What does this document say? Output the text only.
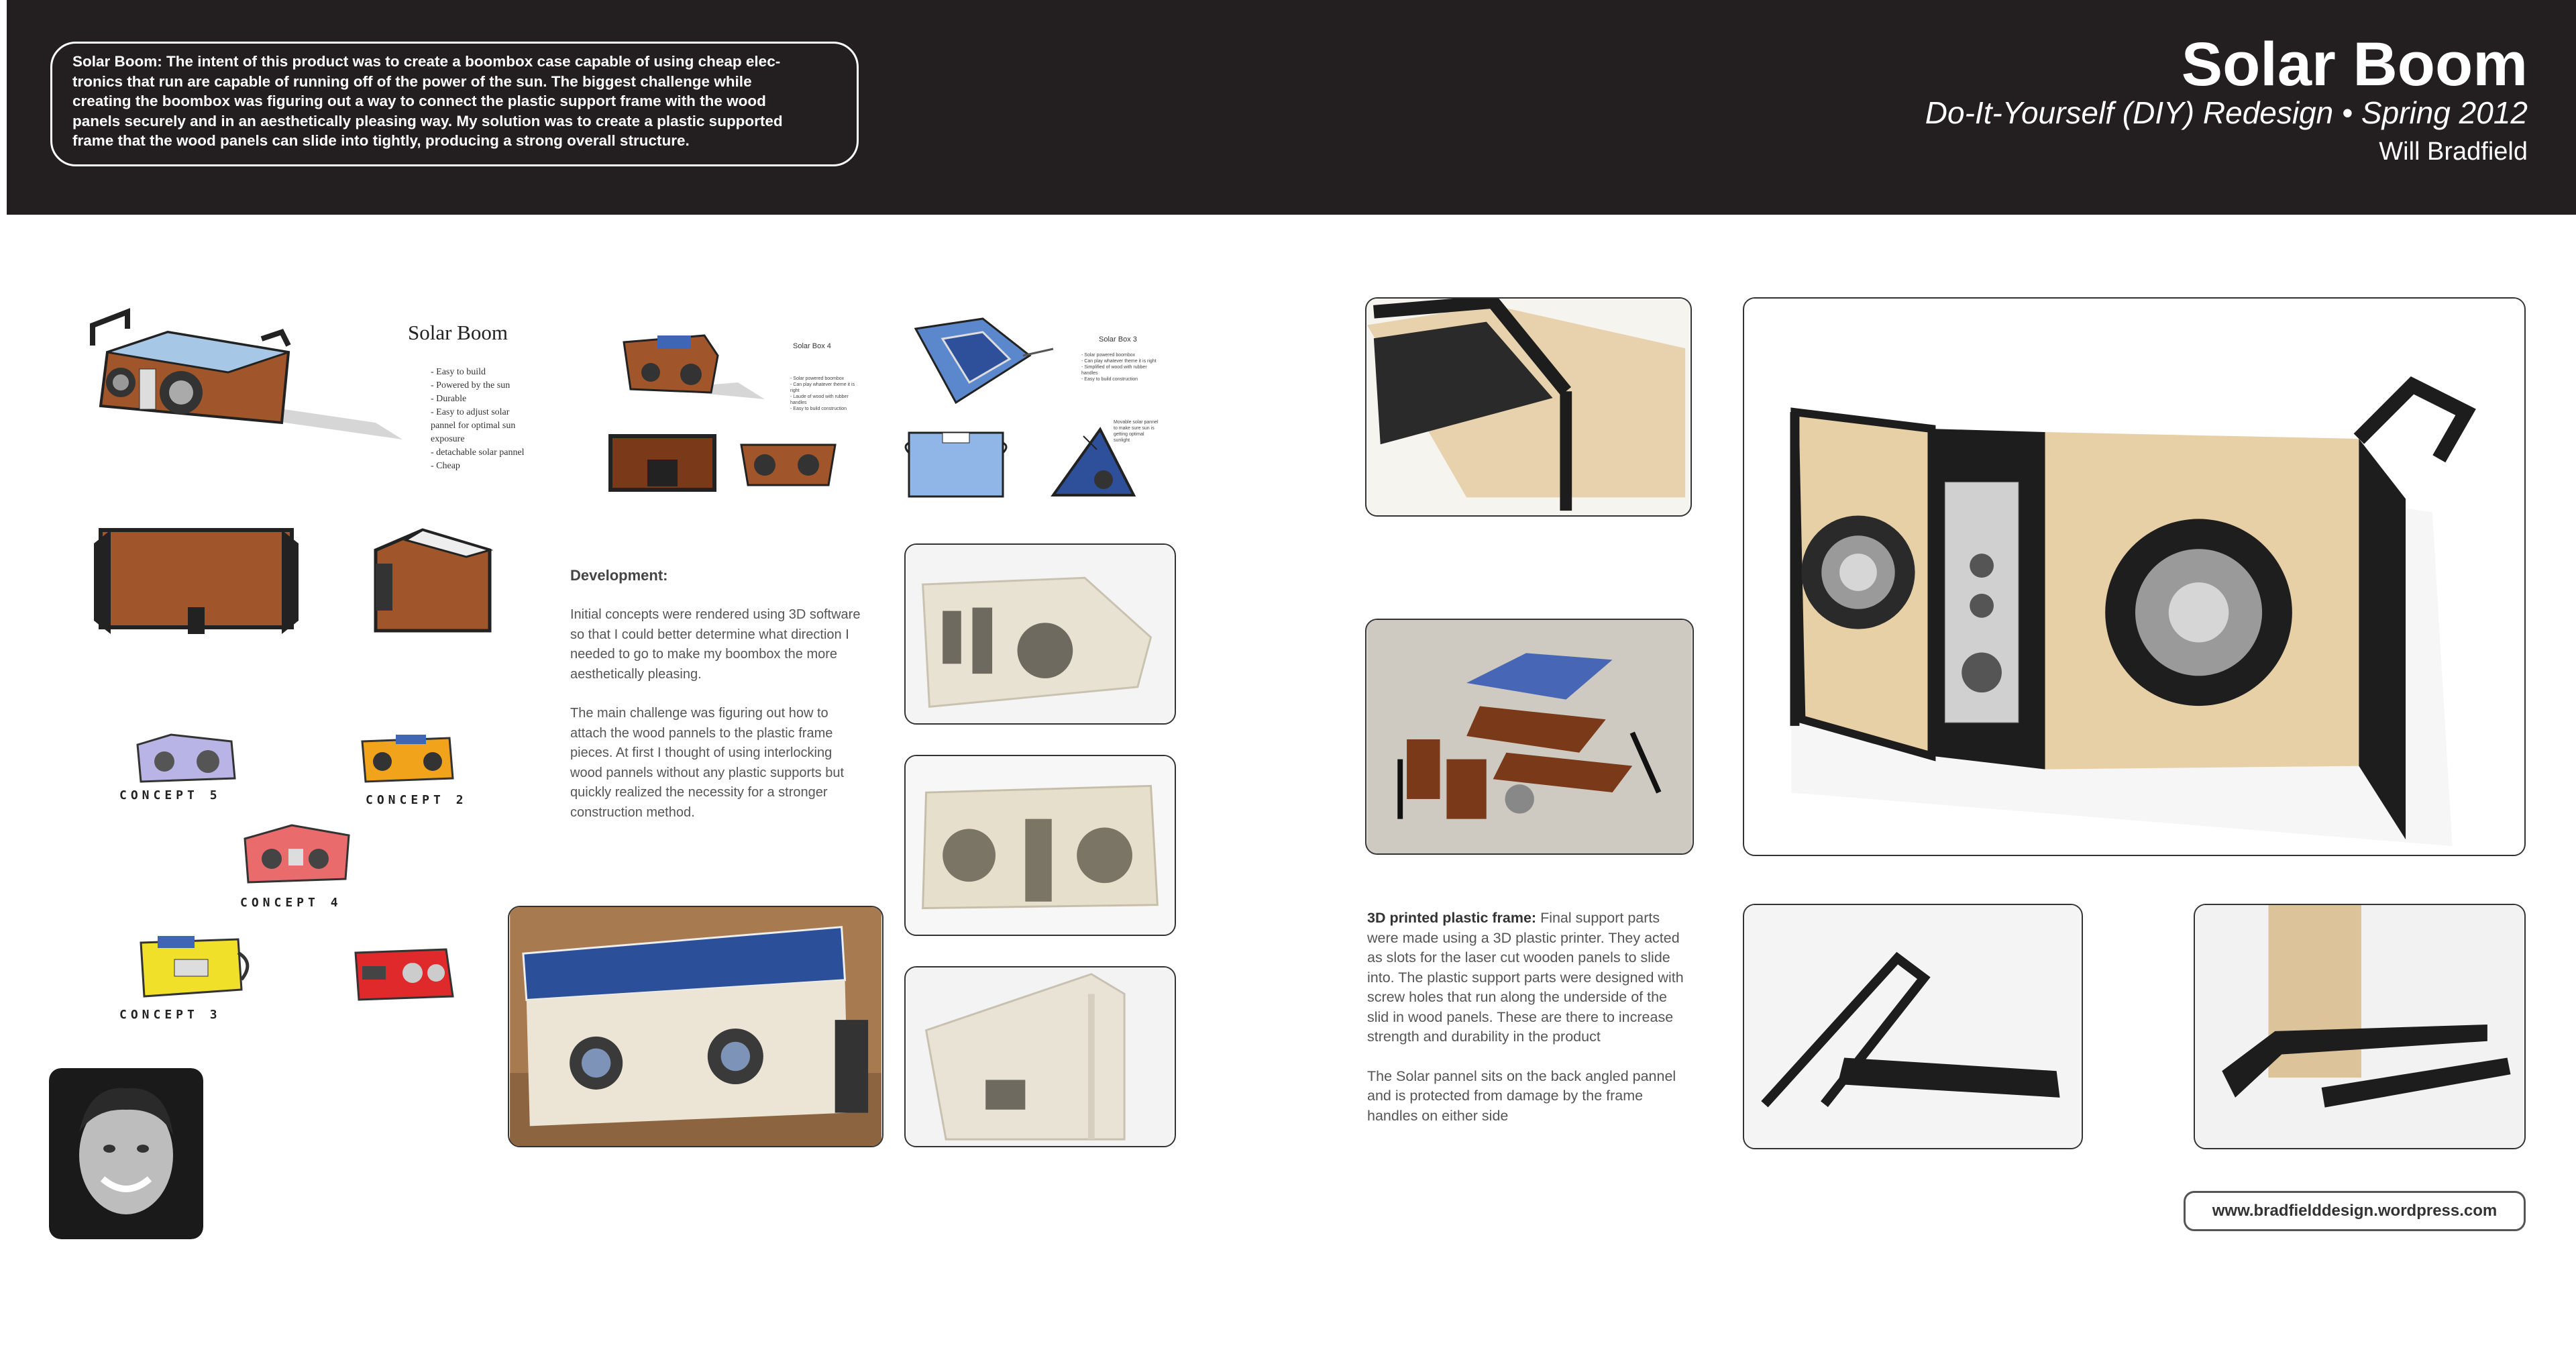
Solar Boom: The intent of this product was to create a boombox case capable of using cheap elec-
tronics that run are capable of running off of the power of the sun. The biggest challenge while
creating the boombox was figuring out a way to connect the plastic support frame with the wood
panels securely and in an aesthetically pleasing way. My solution was to create a plastic supported
frame that the wood panels can slide into tightly, producing a strong overall structure.
Solar Boom
Do-It-Yourself (DIY) Redesign • Spring 2012
Will Bradfield
Solar Boom
- Easy to build
- Powered by the sun
- Durable
- Easy to adjust solar
pannel for optimal sun
exposure
- detachable solar pannel
- Cheap
Solar Box 4
- Solar powered boombox
- Can play whatever theme it is right
- Laude of wood with rubber
handles
- Easy to build construction
Solar Box 3
- Solar powered boombox
- Can play whatever theme it is right
- Simplified of wood with rubber
handles
- Easy to build construction
Movable solar pannel
to make sure sun is
getting optimal
sunlight
CONCEPT 5	CONCEPT 2
CONCEPT 4
CONCEPT 3
Development:

Initial concepts were rendered using 3D software so that I could better determine what direction I needed to go to make my boombox the more aesthetically pleasing.

The main challenge was figuring out how to attach the wood pannels to the plastic frame pieces. At first I thought of using interlocking wood pannels without any plastic supports but quickly realized the necessity for a stronger construction method.

3D printed plastic frame: Final support parts were made using a 3D plastic printer. They acted as slots for the laser cut wooden panels to slide into. The plastic support parts were designed with screw holes that run along the underside of the slid in wood panels. These are there to increase strength and durability in the product

The Solar pannel sits on the back angled pannel and is protected from damage by the frame handles on either side

www.bradfielddesign.wordpress.com
